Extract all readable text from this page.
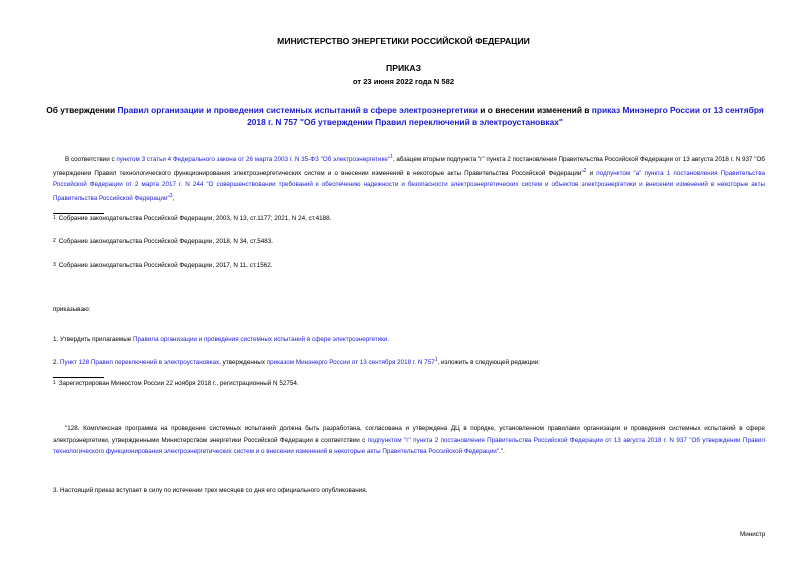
МИНИСТЕРСТВО ЭНЕРГЕТИКИ РОССИЙСКОЙ ФЕДЕРАЦИИ
ПРИКАЗ
от 23 июня 2022 года N 582
Об утверждении Правил организации и проведения системных испытаний в сфере электроэнергетики и о внесении изменений в приказ Минэнерго России от 13 сентября 2018 г. N 757 "Об утверждении Правил переключений в электроустановках"
В соответствии с пунктом 3 статьи 4 Федерального закона от 26 марта 2003 г. N 35-ФЗ "Об электроэнергетике"$^1$, абзацем вторым подпункта "г" пункта 2 постановления Правительства Российской Федерации от 13 августа 2018 г. N 937 "Об утверждении Правил технологического функционирования электроэнергетических систем и о внесении изменений в некоторые акты Правительства Российской Федерации"$^2$ и подпунктом "а" пункта 1 постановления Правительства Российской Федерации от 2 марта 2017 г. N 244 "О совершенствовании требований к обеспечению надежности и безопасности электроэнергетических систем и объектов электроэнергетики и внесении изменений в некоторые акты Правительства Российской Федерации"$^3$,
1 Собрание законодательства Российской Федерации, 2003, N 13, ст.1177; 2021, N 24, ст.4188.
2 Собрание законодательства Российской Федерации, 2018, N 34, ст.5483.
3 Собрание законодательства Российской Федерации, 2017, N 11, ст.1562.
приказываю:
1. Утвердить прилагаемые Правила организации и проведения системных испытаний в сфере электроэнергетики.
2. Пункт 128 Правил переключений в электроустановках, утвержденных приказом Минэнерго России от 13 сентября 2018 г. N $757^1$, изложить в следующей редакции:
1 Зарегистрирован Минюстом России 22 ноября 2018 г., регистрационный N 52754.
"128. Комплексная программа на проведение системных испытаний должна быть разработана, согласована и утверждена ДЦ в порядке, установленном правилами организации и проведения системных испытаний в сфере электроэнергетики, утвержденными Министерством энергетики Российской Федерации в соответствии с подпунктом "г" пункта 2 постановления Правительства Российской Федерации от 13 августа 2018 г. N 937 "Об утверждении Правил технологического функционирования электроэнергетических систем и о внесении изменений в некоторые акты Правительства Российской Федерации".".
3. Настоящий приказ вступает в силу по истечении трех месяцев со дня его официального опубликования.
Министр
